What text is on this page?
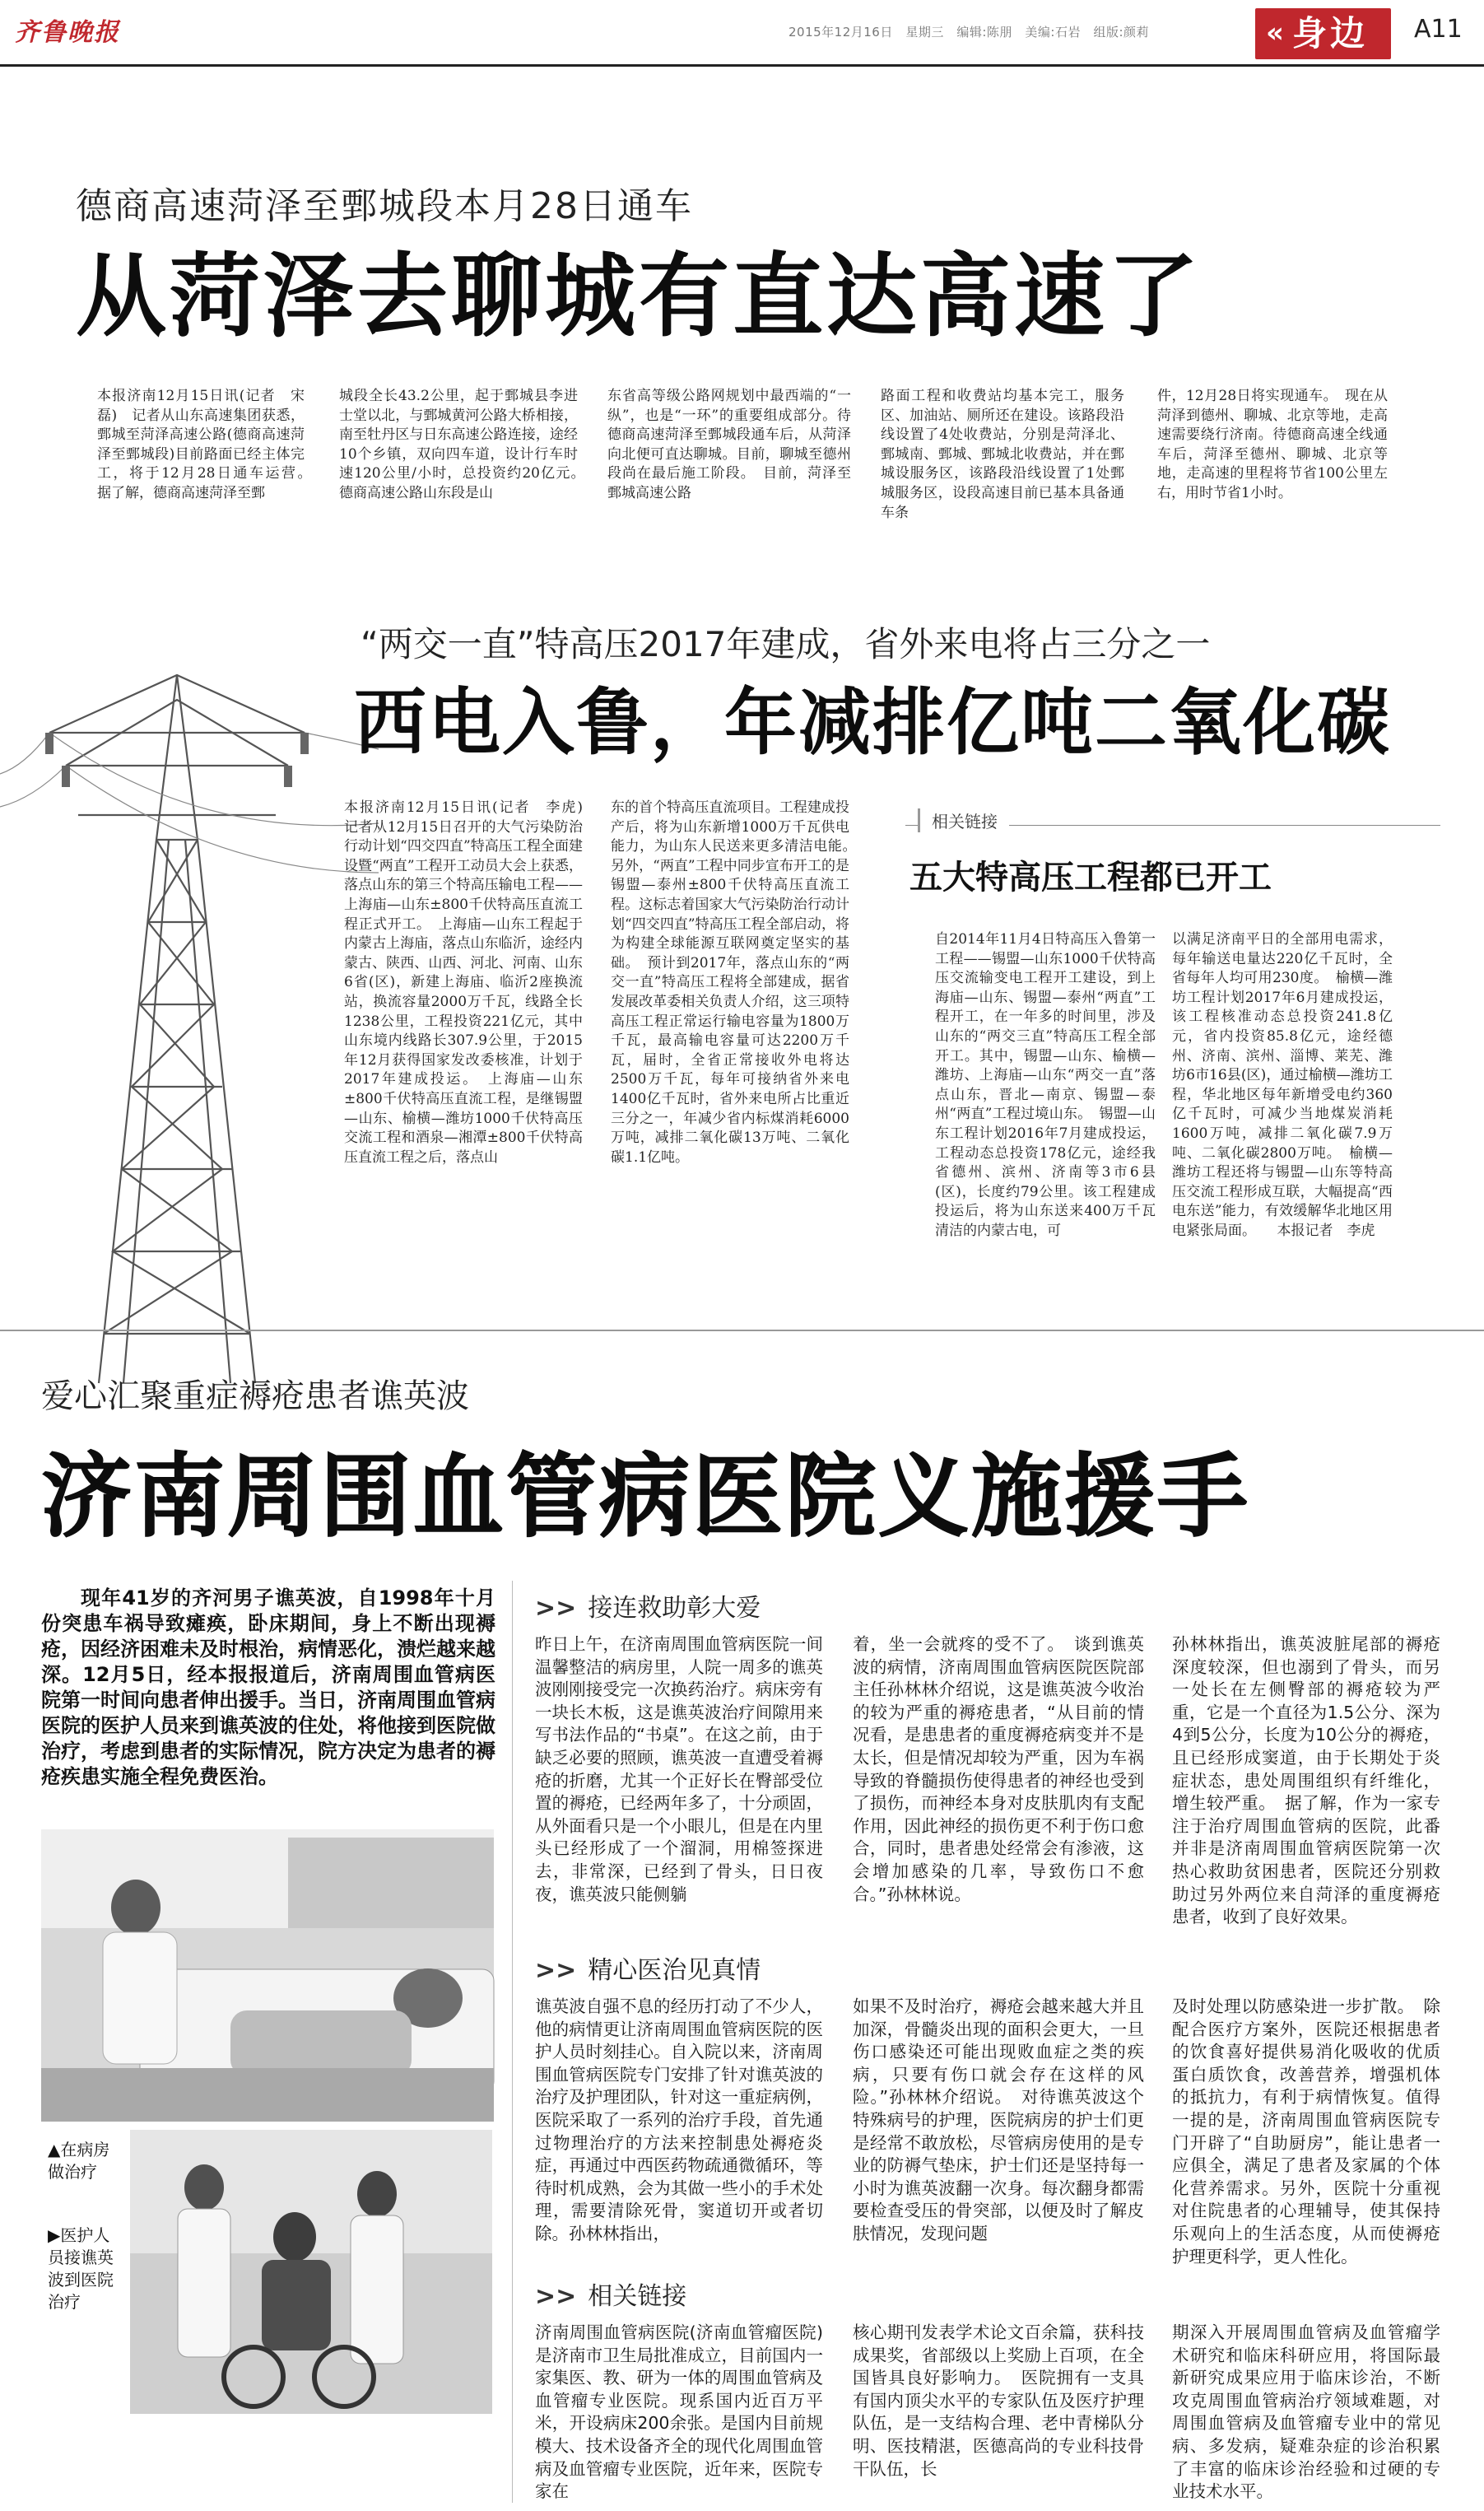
齐鲁晚报	2015年12月16日　星期三　编辑:陈朋　美编:石岩　组版:颜莉	« 身边 A11
德商高速菏泽至鄄城段本月28日通车
从菏泽去聊城有直达高速了
本报济南12月15日讯(记者　宋磊)　记者从山东高速集团获悉，鄄城至菏泽高速公路(德商高速菏泽至鄄城段)目前路面已经主体完工，将于12月28日通车运营。　据了解，德商高速菏泽至鄄
城段全长43.2公里，起于鄄城县李进士堂以北，与鄄城黄河公路大桥相接，南至牡丹区与日东高速公路连接，途经10个乡镇，双向四车道，设计行车时速120公里/小时，总投资约20亿元。　德商高速公路山东段是山
东省高等级公路网规划中最西端的“一纵”，也是“一环”的重要组成部分。待德商高速菏泽至鄄城段通车后，从菏泽向北便可直达聊城。目前，聊城至德州段尚在最后施工阶段。　目前，菏泽至鄄城高速公路
路面工程和收费站均基本完工，服务区、加油站、厕所还在建设。该路段沿线设置了4处收费站，分别是菏泽北、鄄城南、鄄城、鄄城北收费站，并在鄄城设服务区，该路段沿线设置了1处鄄城服务区，设段高速目前已基本具备通车条
件，12月28日将实现通车。　现在从菏泽到德州、聊城、北京等地，走高速需要绕行济南。待德商高速全线通车后，菏泽至德州、聊城、北京等地，走高速的里程将节省100公里左右，用时节省1小时。
“两交一直”特高压2017年建成，省外来电将占三分之一
西电入鲁，年减排亿吨二氧化碳
本报济南12月15日讯(记者　李虎)　记者从12月15日召开的大气污染防治行动计划“四交四直”特高压工程全面建设暨“两直”工程开工动员大会上获悉，落点山东的第三个特高压输电工程——上海庙—山东±800千伏特高压直流工程正式开工。　上海庙—山东工程起于内蒙古上海庙，落点山东临沂，途经内蒙古、陕西、山西、河北、河南、山东6省(区)，新建上海庙、临沂2座换流站，换流容量2000万千瓦，线路全长1238公里，工程投资221亿元，其中山东境内线路长307.9公里，于2015年12月获得国家发改委核准，计划于2017年建成投运。　上海庙—山东±800千伏特高压直流工程，是继锡盟—山东、榆横—潍坊1000千伏特高压交流工程和酒泉—湘潭±800千伏特高压直流工程之后，落点山
东的首个特高压直流项目。工程建成投产后，将为山东新增1000万千瓦供电能力，为山东人民送来更多清洁电能。　另外，“两直”工程中同步宣布开工的是锡盟—泰州±800千伏特高压直流工程。这标志着国家大气污染防治行动计划“四交四直”特高压工程全部启动，将为构建全球能源互联网奠定坚实的基础。　预计到2017年，落点山东的“两交一直”特高压工程将全部建成，据省发展改革委相关负责人介绍，这三项特高压工程正常运行输电容量为1800万千瓦，最高输电容量可达2200万千瓦，届时，全省正常接收外电将达2500万千瓦，每年可接纳省外来电1400亿千瓦时，省外来电所占比重近三分之一，年减少省内标煤消耗6000万吨，减排二氧化碳13万吨、二氧化碳1.1亿吨。
相关链接
五大特高压工程都已开工
自2014年11月4日特高压入鲁第一工程——锡盟—山东1000千伏特高压交流输变电工程开工建设，到上海庙—山东、锡盟—泰州“两直”工程开工，在一年多的时间里，涉及山东的“两交三直”特高压工程全部开工。其中，锡盟—山东、榆横—潍坊、上海庙—山东“两交一直”落点山东，晋北—南京、锡盟—泰州“两直”工程过境山东。　锡盟—山东工程计划2016年7月建成投运，工程动态总投资178亿元，途经我省德州、滨州、济南等3市6县(区)，长度约79公里。该工程建成投运后，将为山东送来400万千瓦清洁的内蒙古电，可
以满足济南平日的全部用电需求，每年输送电量达220亿千瓦时，全省每年人均可用230度。　榆横—潍坊工程计划2017年6月建成投运，该工程核准动态总投资241.8亿元，省内投资85.8亿元，途经德州、济南、滨州、淄博、莱芜、潍坊6市16县(区)，通过榆横—潍坊工程，华北地区每年新增受电约360亿千瓦时，可减少当地煤炭消耗1600万吨，减排二氧化碳7.9万吨、二氧化碳2800万吨。　榆横—潍坊工程还将与锡盟—山东等特高压交流工程形成互联，大幅提高“西电东送”能力，有效缓解华北地区用电紧张局面。　　本报记者　李虎
爱心汇聚重症褥疮患者谯英波
济南周围血管病医院义施援手
现年41岁的齐河男子谯英波，自1998年十月份突患车祸导致瘫痪，卧床期间，身上不断出现褥疮，因经济困难未及时根治，病情恶化，溃烂越来越深。12月5日，经本报报道后，济南周围血管病医院第一时间向患者伸出援手。当日，济南周围血管病医院的医护人员来到谯英波的住处，将他接到医院做治疗，考虑到患者的实际情况，院方决定为患者的褥疮疾患实施全程免费医治。
▲在病房做治疗
▶医护人员接谯英波到医院治疗
>> 接连救助彰大爱
昨日上午，在济南周围血管病医院一间温馨整洁的病房里，人院一周多的谯英波刚刚接受完一次换药治疗。病床旁有一块长木板，这是谯英波治疗间隙用来写书法作品的“书桌”。在这之前，由于缺乏必要的照顾，谯英波一直遭受着褥疮的折磨，尤其一个正好长在臀部受位置的褥疮，已经两年多了，十分顽固，从外面看只是一个小眼儿，但是在内里头已经形成了一个溜洞，用棉签探进去，非常深，已经到了骨头，日日夜夜，谯英波只能侧躺
着，坐一会就疼的受不了。　谈到谯英波的病情，济南周围血管病医院医院部主任孙林林介绍说，这是谯英波今收治的较为严重的褥疮患者，“从目前的情况看，是患患者的重度褥疮病变并不是太长，但是情况却较为严重，因为车祸导致的脊髓损伤使得患者的神经也受到了损伤，而神经本身对皮肤肌肉有支配作用，因此神经的损伤更不利于伤口愈合，同时，患者患处经常会有渗液，这会增加感染的几率，导致伤口不愈合。”孙林林说。
孙林林指出，谯英波脏尾部的褥疮深度较深，但也溺到了骨头，而另一处长在左侧臀部的褥疮较为严重，它是一个直径为1.5公分、深为4到5公分，长度为10公分的褥疮，且已经形成窦道，由于长期处于炎症状态，患处周围组织有纤维化，增生较严重。　据了解，作为一家专注于治疗周围血管病的医院，此番并非是济南周围血管病医院第一次热心救助贫困患者，医院还分别救助过另外两位来自菏泽的重度褥疮患者，收到了良好效果。
>> 精心医治见真情
谯英波自强不息的经历打动了不少人，他的病情更让济南周围血管病医院的医护人员时刻挂心。自入院以来，济南周围血管病医院专门安排了针对谯英波的治疗及护理团队，针对这一重症病例，医院采取了一系列的治疗手段，首先通过物理治疗的方法来控制患处褥疮炎症，再通过中西医药物疏通微循环，等待时机成熟，会为其做一些小的手术处理，需要清除死骨，窦道切开或者切除。孙林林指出，
如果不及时治疗，褥疮会越来越大并且加深，骨髓炎出现的面积会更大，一旦伤口感染还可能出现败血症之类的疾病，只要有伤口就会存在这样的风险。”孙林林介绍说。　对待谯英波这个特殊病号的护理，医院病房的护士们更是经常不敢放松，尽管病房使用的是专业的防褥气垫床，护士们还是坚持每一小时为谯英波翻一次身。每次翻身都需要检查受压的骨突部，以便及时了解皮肤情况，发现问题
及时处理以防感染进一步扩散。　除配合医疗方案外，医院还根据患者的饮食喜好提供易消化吸收的优质蛋白质饮食，改善营养，增强机体的抵抗力，有利于病情恢复。值得一提的是，济南周围血管病医院专门开辟了“自助厨房”，能让患者一应俱全，满足了患者及家属的个体化营养需求。另外，医院十分重视对住院患者的心理辅导，使其保持乐观向上的生活态度，从而使褥疮护理更科学，更人性化。
>> 相关链接
济南周围血管病医院(济南血管瘤医院)是济南市卫生局批准成立，目前国内一家集医、教、研为一体的周围血管病及血管瘤专业医院。现系国内近百万平米，开设病床200余张。是国内目前规模大、技术设备齐全的现代化周围血管病及血管瘤专业医院，近年来，医院专家在
核心期刊发表学术论文百余篇，获科技成果奖，省部级以上奖励上百项，在全国皆具良好影响力。　医院拥有一支具有国内顶尖水平的专家队伍及医疗护理队伍，是一支结构合理、老中青梯队分明、医技精湛，医德高尚的专业科技骨干队伍，长
期深入开展周围血管病及血管瘤学术研究和临床科研应用，将国际最新研究成果应用于临床诊治，不断攻克周围血管病治疗领域难题，对周围血管病及血管瘤专业中的常见病、多发病，疑难杂症的诊治积累了丰富的临床诊治经验和过硬的专业技术水平。
